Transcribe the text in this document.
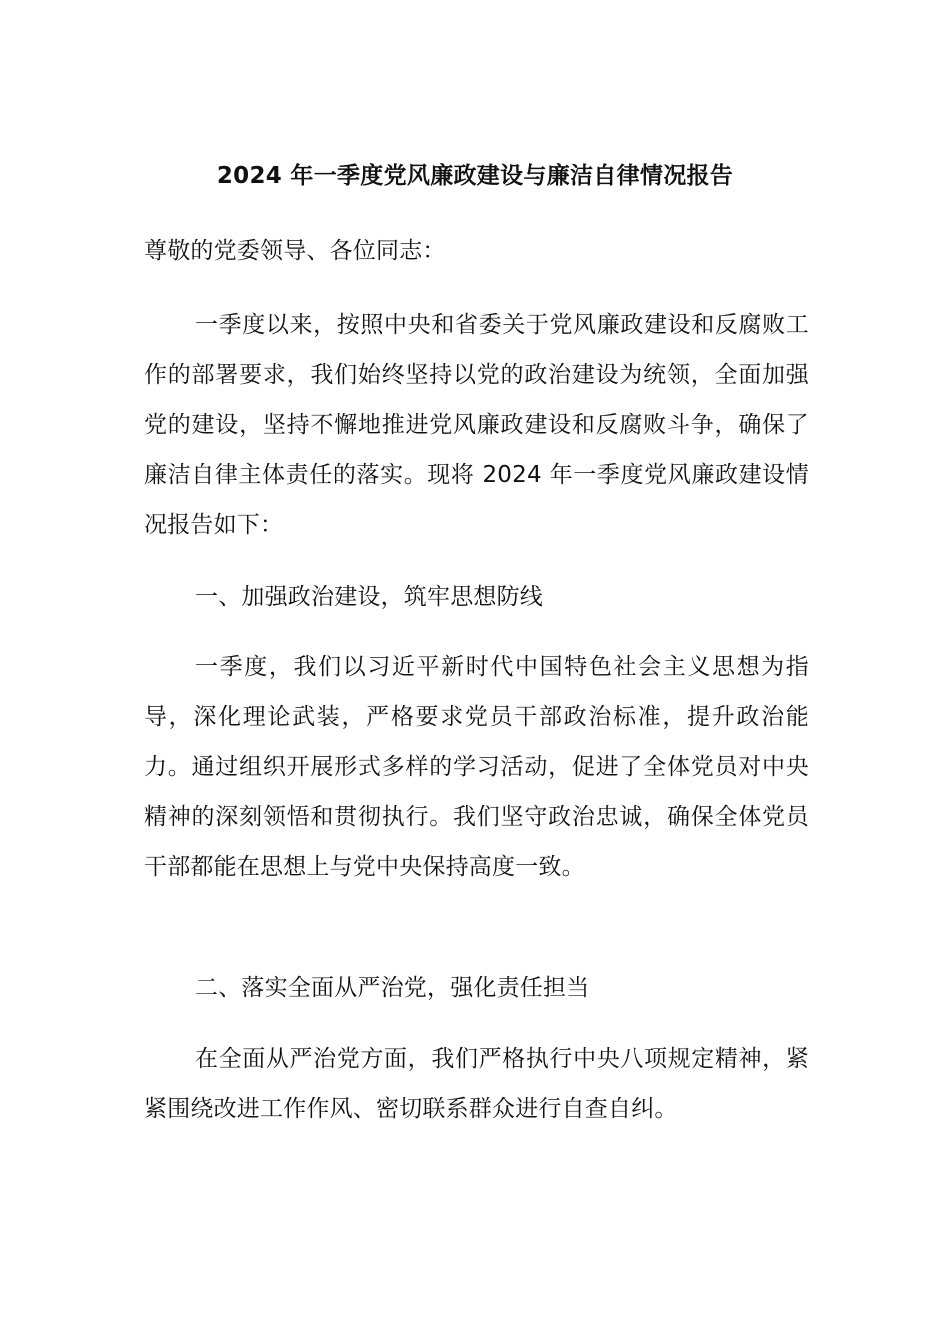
2024 年一季度党风廉政建设与廉洁自律情况报告

尊敬的党委领导、各位同志：

一季度以来，按照中央和省委关于党风廉政建设和反腐败工作的部署要求，我们始终坚持以党的政治建设为统领，全面加强党的建设，坚持不懈地推进党风廉政建设和反腐败斗争，确保了廉洁自律主体责任的落实。现将 2024 年一季度党风廉政建设情况报告如下：

一、加强政治建设，筑牢思想防线

一季度，我们以习近平新时代中国特色社会主义思想为指导，深化理论武装，严格要求党员干部政治标准，提升政治能力。通过组织开展形式多样的学习活动，促进了全体党员对中央精神的深刻领悟和贯彻执行。我们坚守政治忠诚，确保全体党员干部都能在思想上与党中央保持高度一致。

二、落实全面从严治党，强化责任担当

在全面从严治党方面，我们严格执行中央八项规定精神，紧紧围绕改进工作作风、密切联系群众进行自查自纠。
